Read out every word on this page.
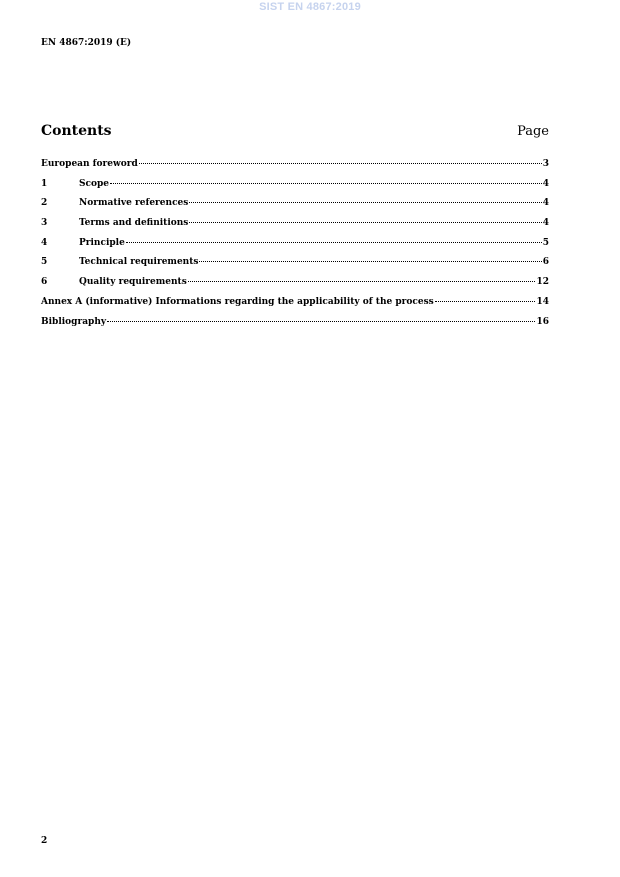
SIST EN 4867:2019
EN 4867:2019 (E)
Contents	Page
European foreword	3
1	Scope	4
2	Normative references	4
3	Terms and definitions	4
4	Principle	5
5	Technical requirements	6
6	Quality requirements	12
Annex A (informative) Informations regarding the applicability of the process	14
Bibliography	16
2
